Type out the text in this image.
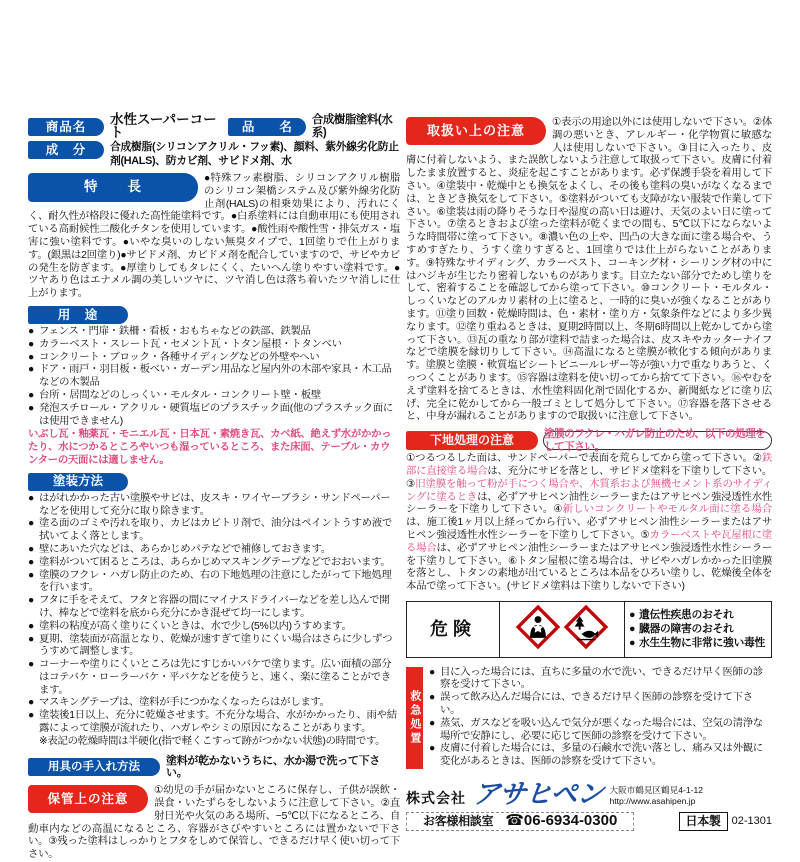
商品名	水性スーパーコート	品　　名	合成樹脂塗料(水系)
成　分	合成樹脂(シリコンアクリル・フッ素)、顔料、紫外線劣化防止剤(HALS)、防カビ剤、サビドメ剤、水
特　　長
●特殊フッ素樹脂、シリコンアクリル樹脂のシリコン架橋システム及び紫外線劣化防止剤(HALS)の相乗効果により、汚れにくく、耐久性が格段に優れた高性能塗料です。●白系塗料には自動車用にも使用されている高耐候性二酸化チタンを使用しています。●酸性雨や酸性雪・排気ガス・塩害に強い塗料です。●いやな臭いのしない無臭タイプで、1回塗りで仕上がります。(銀黒は2回塗り)●サビドメ剤、カビドメ剤を配合していますので、サビやカビの発生を防ぎます。●厚塗りしてもタレにくく、たいへん塗りやすい塗料です。●ツヤあり色はエナメル調の美しいツヤに、ツヤ消し色は落ち着いたツヤ消しに仕上がります。
用　途
● フェンス・門扉・鉄柵・看板・おもちゃなどの鉄部、鉄製品
● カラーベスト・スレート瓦・セメント瓦・トタン屋根・トタンべい
● コンクリート・ブロック・各種サイディングなどの外壁やへい
● ドア・雨戸・羽目板・板べい・ガーデン用品など屋内外の木部や家具・木工品などの木製品
● 台所・居間などのしっくい・モルタル・コンクリート壁・板壁
● 発泡スチロール・アクリル・硬質塩ビのプラスチック面(他のプラスチック面には使用できません)
いぶし瓦・釉薬瓦・モニエル瓦・日本瓦・素焼き瓦、カベ紙、絶えず水がかかったり、水につかるところやいつも湿っているところ、また床面、テーブル・カウンターの天面には適しません。
塗装方法
● はがれかかった古い塗膜やサビは、皮スキ・ワイヤーブラシ・サンドペーパーなどを使用して充分に取り除きます。
● 塗る面のゴミや汚れを取り、カビはカビトリ剤で、油分はペイントうすめ液で拭いてよく落とします。
● 壁にあいた穴などは、あらかじめパテなどで補修しておきます。
● 塗料がついて困るところは、あらかじめマスキングテープなどでおおいます。
● 塗膜のフクレ・ハガレ防止のため、右の下地処理の注意にしたがって下地処理を行います。
● フタに手をそえて、フタと容器の間にマイナスドライバーなどを差し込んで開け、棒などで塗料を底から充分にかき混ぜて均一にします。
● 塗料の粘度が高く塗りにくいときは、水で少し(5%以内)うすめます。
● 夏期、塗装面が高温となり、乾燥が速すぎて塗りにくい場合はさらに少しずつうすめて調整します。
● コーナーや塗りにくいところは先にすじかいバケで塗ります。広い面積の部分はコテバケ・ローラーバケ・平バケなどを使うと、速く、楽に塗ることができます。
● マスキングテープは、塗料が手につかなくなったらはがします。
● 塗装後1日以上、充分に乾燥させます。不充分な場合、水がかかったり、雨や結露によって塗膜が流れたり、ハガレやシミの原因になることがあります。
※表記の乾燥時間は半硬化(指で軽くこすって跡がつかない状態)の時間です。
用具の手入れ方法
塗料が乾かないうちに、水か湯で洗って下さい。
保管上の注意
①幼児の手が届かないところに保存し、子供が誤飲・誤食・いたずらをしないように注意して下さい。②直射日光や火気のある場所、−5℃以下になるところ、自動車内などの高温になるところ、容器がさびやすいところには置かないで下さい。③残った塗料はしっかりとフタをしめて保管し、できるだけ早く使い切って下さい。
取扱い上の注意
①表示の用途以外には使用しないで下さい。②体調の悪いとき、アレルギー・化学物質に敏感な人は使用しないで下さい。③目に入ったり、皮膚に付着しないよう、また誤飲しないよう注意して取扱って下さい。皮膚に付着したまま放置すると、炎症を起こすことがあります。必ず保護手袋を着用して下さい。④塗装中・乾燥中とも換気をよくし、その後も塗料の臭いがなくなるまでは、ときどき換気をして下さい。⑤塗料がついても支障がない服装で作業して下さい。⑥塗装は雨の降りそうな日や湿度の高い日は避け、天気のよい日に塗って下さい。⑦塗るときおよび塗った塗料が乾くまでの間も、5℃以下にならないような時間帯に塗って下さい。⑧濃い色の上や、凹凸の大きな面に塗る場合や、うすめすぎたり、うすく塗りすぎると、1回塗りでは仕上がらないことがあります。⑨特殊なサイディング、カラーベスト、コーキング材・シーリング材の中にはハジキが生じたり密着しないものがあります。目立たない部分でためし塗りをして、密着することを確認してから塗って下さい。⑩コンクリート・モルタル・しっくいなどのアルカリ素材の上に塗ると、一時的に臭いが強くなることがあります。⑪塗り回数・乾燥時間は、色・素材・塗り方・気象条件などにより多少異なります。⑫塗り重ねるときは、夏期2時間以上、冬期6時間以上乾かしてから塗って下さい。⑬瓦の重なり部が塗料で詰まった場合は、皮スキやカッターナイフなどで塗膜を縁切りして下さい。⑭高温になると塗膜が軟化する傾向があります。塗膜と塗膜・軟質塩ビシートビニールレザー等が強い力で重なりあうと、くっつくことがあります。⑮容器は塗料を使い切ってから捨てて下さい。⑯やむをえず塗料を捨てるときは、水性塗料固化剤で固化するか、新聞紙などに塗り広げ、完全に乾かしてから一般ゴミとして処分して下さい。⑰容器を落下させると、中身が漏れることがありますので取扱いに注意して下さい。
下地処理の注意	塗膜のフクレ・ハガレ防止のため、以下の処理をして下さい。
①つるつるした面は、サンドペーパーで表面を荒らしてから塗って下さい。②鉄部に直接塗る場合は、充分にサビを落とし、サビドメ塗料を下塗りして下さい。③旧塗膜を触って粉が手につく場合や、木質系および無機セメント系のサイディングに塗るときは、必ずアサヒペン油性シーラーまたはアサヒペン強浸透性水性シーラーを下塗りして下さい。④新しいコンクリートやモルタル面に塗る場合は、施工後1ヶ月以上経ってから行い、必ずアサヒペン油性シーラーまたはアサヒペン強浸透性水性シーラーを下塗りして下さい。⑤カラーベストや瓦屋根に塗る場合は、必ずアサヒペン油性シーラーまたはアサヒペン強浸透性水性シーラーを下塗りして下さい。⑥トタン屋根に塗る場合は、サビやハガレかかった旧塗膜を落とし、トタンの素地が出ているところは本品をひろい塗りし、乾燥後全体を本品で塗って下さい。(サビドメ塗料は下塗りしないで下さい)
危険		
● 遺伝性疾患のおそれ
● 臓器の障害のおそれ
● 水生生物に非常に強い毒性
救急処置
● 目に入った場合には、直ちに多量の水で洗い、できるだけ早く医師の診察を受けて下さい。
● 誤って飲み込んだ場合には、できるだけ早く医師の診察を受けて下さい。
● 蒸気、ガスなどを吸い込んで気分が悪くなった場合には、空気の清浄な場所で安静にし、必要に応じて医師の診察を受けて下さい。
● 皮膚に付着した場合には、多量の石鹸水で洗い落とし、痛み又は外観に変化があるときは、医師の診察を受けて下さい。
株式会社 アサヒペン 大阪市鶴見区鶴見4-1-12
http://www.asahipen.jp
お客様相談室 ☎06-6934-0300	日本製	02-1301
